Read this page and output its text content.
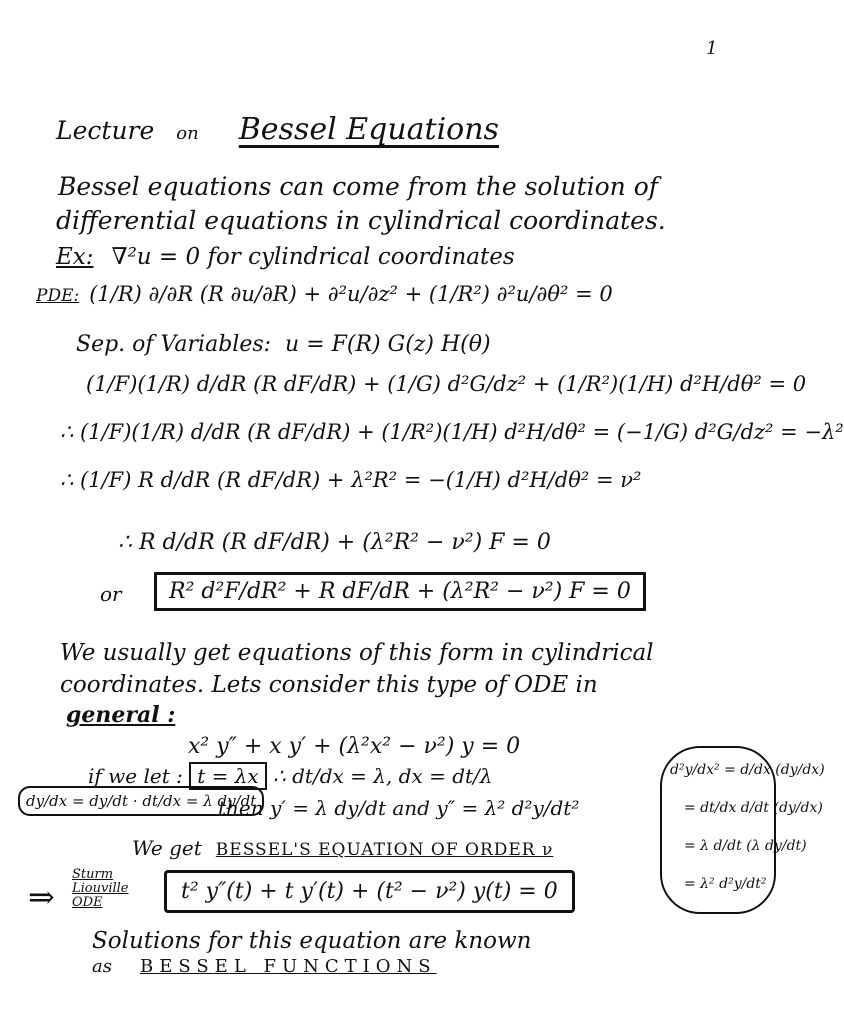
1
Lecture on Bessel Equations
Bessel equations can come from the solution of
differential equations in cylindrical coordinates.
Ex: ∇²u = 0 for cylindrical coordinates
PDE: (1/R) ∂/∂R (R ∂u/∂R) + ∂²u/∂z² + (1/R²) ∂²u/∂θ² = 0
Sep. of Variables: u = F(R) G(z) H(θ)
(1/F)(1/R) d/dR (R dF/dR) + (1/G) d²G/dz² + (1/R²)(1/H) d²H/dθ² = 0
∴ (1/F)(1/R) d/dR (R dF/dR) + (1/R²)(1/H) d²H/dθ² = (−1/G) d²G/dz² = −λ²
∴ (1/F) R d/dR (R dF/dR) + λ²R² = −(1/H) d²H/dθ² = ν²
∴ R d/dR (R dF/dR) + (λ²R² − ν²) F = 0
or	R² d²F/dR² + R dF/dR + (λ²R² − ν²) F = 0
We usually get equations of this form in cylindrical
coordinates. Lets consider this type of ODE in
general :
x² y″ + x y′ + (λ²x² − ν²) y = 0
if we let : t = λx ∴ dt/dx = λ, dx = dt/λ
dy/dx = dy/dt · dt/dx = λ dy/dt
then y′ = λ dy/dt and y″ = λ² d²y/dt²
We get BESSEL'S EQUATION OF ORDER ν
⇒
Sturm Liouville ODE	t² y″(t) + t y′(t) + (t² − ν²) y(t) = 0
Solutions for this equation are known
as BESSEL FUNCTIONS
d²y/dx² = d/dx (dy/dx)
= dt/dx d/dt (dy/dx)
= λ d/dt (λ dy/dt)
= λ² d²y/dt²
